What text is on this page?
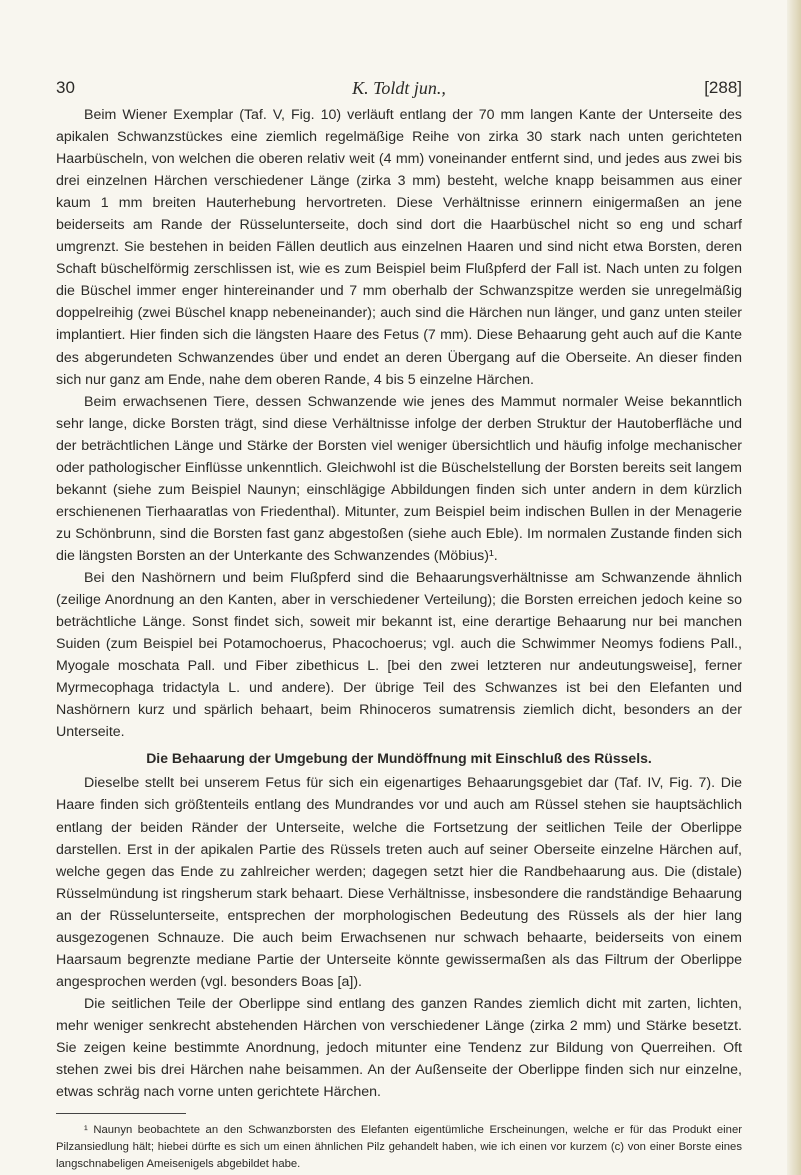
30	K. Toldt jun.,	[288]

Beim Wiener Exemplar (Taf. V, Fig. 10) verläuft entlang der 70 mm langen Kante der Unterseite des apikalen Schwanzstückes eine ziemlich regelmäßige Reihe von zirka 30 stark nach unten gerichteten Haarbüscheln, von welchen die oberen relativ weit (4 mm) voneinander entfernt sind, und jedes aus zwei bis drei einzelnen Härchen verschiedener Länge (zirka 3 mm) besteht, welche knapp beisammen aus einer kaum 1 mm breiten Hauterhebung hervortreten. Diese Verhältnisse erinnern einigermaßen an jene beiderseits am Rande der Rüsselunterseite, doch sind dort die Haarbüschel nicht so eng und scharf umgrenzt. Sie bestehen in beiden Fällen deutlich aus einzelnen Haaren und sind nicht etwa Borsten, deren Schaft büschelförmig zerschlissen ist, wie es zum Beispiel beim Flußpferd der Fall ist. Nach unten zu folgen die Büschel immer enger hintereinander und 7 mm oberhalb der Schwanzspitze werden sie unregelmäßig doppelreihig (zwei Büschel knapp nebeneinander); auch sind die Härchen nun länger, und ganz unten steiler implantiert. Hier finden sich die längsten Haare des Fetus (7 mm). Diese Behaarung geht auch auf die Kante des abgerundeten Schwanzendes über und endet an deren Übergang auf die Oberseite. An dieser finden sich nur ganz am Ende, nahe dem oberen Rande, 4 bis 5 einzelne Härchen.

Beim erwachsenen Tiere, dessen Schwanzende wie jenes des Mammut normaler Weise bekanntlich sehr lange, dicke Borsten trägt, sind diese Verhältnisse infolge der derben Struktur der Hautoberfläche und der beträchtlichen Länge und Stärke der Borsten viel weniger übersichtlich und häufig infolge mechanischer oder pathologischer Einflüsse unkenntlich. Gleichwohl ist die Büschelstellung der Borsten bereits seit langem bekannt (siehe zum Beispiel Naunyn; einschlägige Abbildungen finden sich unter andern in dem kürzlich erschienenen Tierhaaratlas von Friedenthal). Mitunter, zum Beispiel beim indischen Bullen in der Menagerie zu Schönbrunn, sind die Borsten fast ganz abgestoßen (siehe auch Eble). Im normalen Zustande finden sich die längsten Borsten an der Unterkante des Schwanzendes (Möbius)¹.

Bei den Nashörnern und beim Flußpferd sind die Behaarungsverhältnisse am Schwanzende ähnlich (zeilige Anordnung an den Kanten, aber in verschiedener Verteilung); die Borsten erreichen jedoch keine so beträchtliche Länge. Sonst findet sich, soweit mir bekannt ist, eine derartige Behaarung nur bei manchen Suiden (zum Beispiel bei Potamochoerus, Phacochoerus; vgl. auch die Schwimmer Neomys fodiens Pall., Myogale moschata Pall. und Fiber zibethicus L. [bei den zwei letzteren nur andeutungsweise], ferner Myrmecophaga tridactyla L. und andere). Der übrige Teil des Schwanzes ist bei den Elefanten und Nashörnern kurz und spärlich behaart, beim Rhinoceros sumatrensis ziemlich dicht, besonders an der Unterseite.

Die Behaarung der Umgebung der Mundöffnung mit Einschluß des Rüssels.

Dieselbe stellt bei unserem Fetus für sich ein eigenartiges Behaarungsgebiet dar (Taf. IV, Fig. 7). Die Haare finden sich größtenteils entlang des Mundrandes vor und auch am Rüssel stehen sie hauptsächlich entlang der beiden Ränder der Unterseite, welche die Fortsetzung der seitlichen Teile der Oberlippe darstellen. Erst in der apikalen Partie des Rüssels treten auch auf seiner Oberseite einzelne Härchen auf, welche gegen das Ende zu zahlreicher werden; dagegen setzt hier die Randbehaarung aus. Die (distale) Rüsselmündung ist ringsherum stark behaart. Diese Verhältnisse, insbesondere die randständige Behaarung an der Rüsselunterseite, entsprechen der morphologischen Bedeutung des Rüssels als der hier lang ausgezogenen Schnauze. Die auch beim Erwachsenen nur schwach behaarte, beiderseits von einem Haarsaum begrenzte mediane Partie der Unterseite könnte gewissermaßen als das Filtrum der Oberlippe angesprochen werden (vgl. besonders Boas [a]).

Die seitlichen Teile der Oberlippe sind entlang des ganzen Randes ziemlich dicht mit zarten, lichten, mehr weniger senkrecht abstehenden Härchen von verschiedener Länge (zirka 2 mm) und Stärke besetzt. Sie zeigen keine bestimmte Anordnung, jedoch mitunter eine Tendenz zur Bildung von Querreihen. Oft stehen zwei bis drei Härchen nahe beisammen. An der Außenseite der Oberlippe finden sich nur einzelne, etwas schräg nach vorne unten gerichtete Härchen.

¹ Naunyn beobachtete an den Schwanzborsten des Elefanten eigentümliche Erscheinungen, welche er für das Produkt einer Pilzansiedlung hält; hiebei dürfte es sich um einen ähnlichen Pilz gehandelt haben, wie ich einen vor kurzem (c) von einer Borste eines langschnabeligen Ameisenigels abgebildet habe.
